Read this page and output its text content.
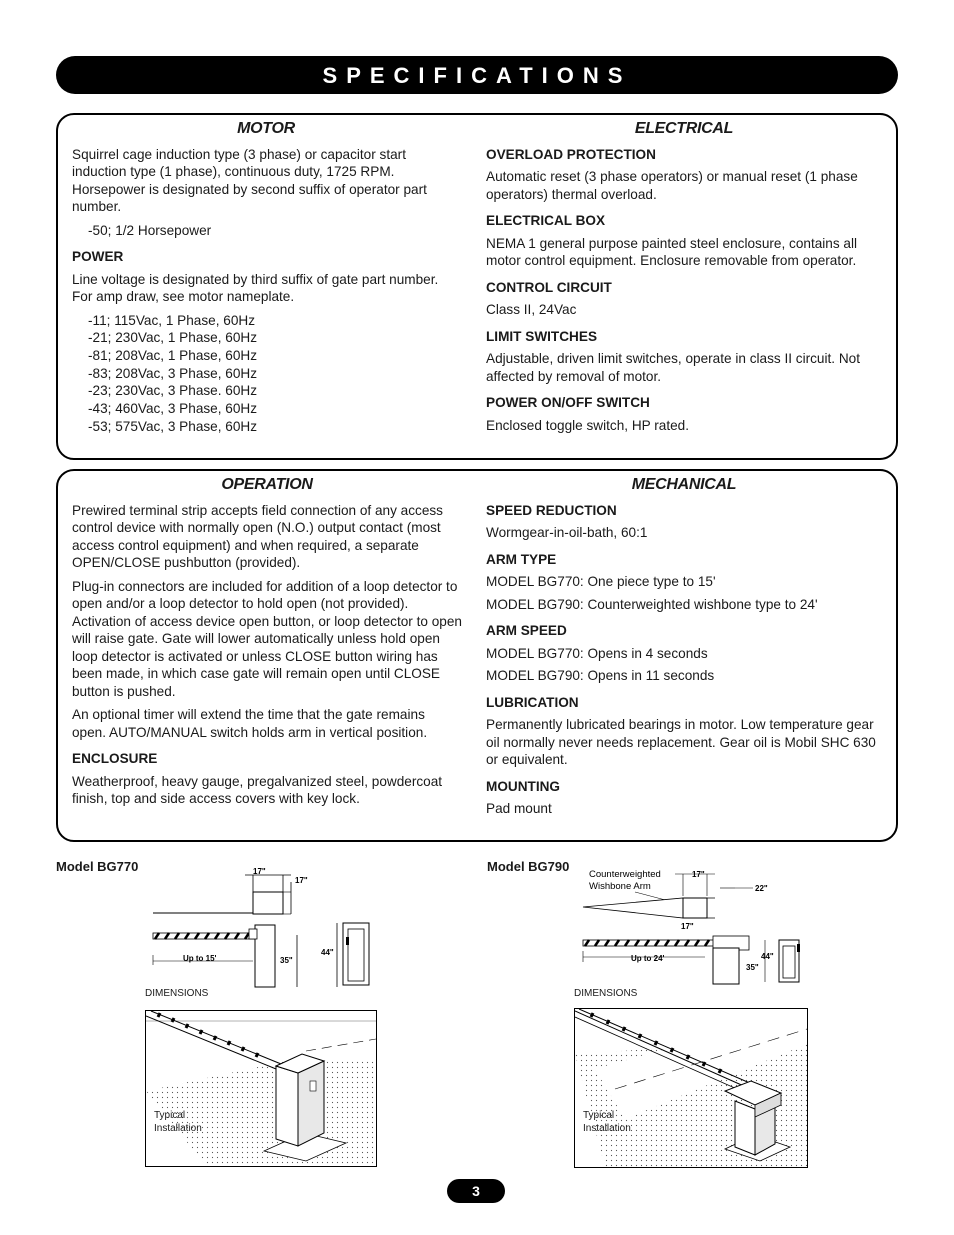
SPECIFICATIONS
MOTOR

Squirrel cage induction type (3 phase) or capacitor start induction type (1 phase), continuous duty, 1725 RPM. Horsepower is designated by second suffix of operator part number.

-50; 1/2 Horsepower

POWER

Line voltage is designated by third suffix of gate part number. For amp draw, see motor nameplate.

-11; 115Vac, 1 Phase, 60Hz
-21; 230Vac, 1 Phase, 60Hz
-81; 208Vac, 1 Phase, 60Hz
-83; 208Vac, 3 Phase, 60Hz
-23; 230Vac, 3 Phase. 60Hz
-43; 460Vac, 3 Phase, 60Hz
-53; 575Vac, 3 Phase, 60Hz
ELECTRICAL
OVERLOAD PROTECTION

Automatic reset (3 phase operators) or manual reset (1 phase operators) thermal overload.

ELECTRICAL BOX

NEMA 1 general purpose painted steel enclosure, contains all motor control equipment. Enclosure removable from operator.

CONTROL CIRCUIT

Class II, 24Vac

LIMIT SWITCHES

Adjustable, driven limit switches, operate in class II circuit. Not affected by removal of motor.

POWER ON/OFF SWITCH

Enclosed toggle switch, HP rated.

OPERATION

Prewired terminal strip accepts field connection of any access control device with normally open (N.O.) output contact (most access control equipment) and when required, a separate OPEN/CLOSE pushbutton (provided).

Plug-in connectors are included for addition of a loop detector to open and/or a loop detector to hold open (not provided). Activation of access device open button, or loop detector to open will raise gate. Gate will lower automatically unless hold open loop detector is activated or unless CLOSE button wiring has been made, in which case gate will remain open until CLOSE button is pushed.

An optional timer will extend the time that the gate remains open. AUTO/MANUAL switch holds arm in vertical position.

ENCLOSURE

Weatherproof, heavy gauge, pregalvanized steel, powdercoat finish, top and side access covers with key lock.

MECHANICAL
SPEED REDUCTION

Wormgear-in-oil-bath, 60:1

ARM TYPE

MODEL BG770: One piece type to 15'

MODEL BG790: Counterweighted wishbone type to 24'

ARM SPEED

MODEL BG770: Opens in 4 seconds

MODEL BG790: Opens in 11 seconds

LUBRICATION

Permanently lubricated bearings in motor. Low temperature gear oil normally never needs replacement. Gear oil is Mobil SHC 630 or equivalent.

MOUNTING

Pad mount

Model BG770	17"
17"
Up to 15'	35"
44"
DIMENSIONS
Typical
Installation
Model BG790
Counterweighted
Wishbone Arm
17"
22"
17"
Up to 24'	44"
35"
DIMENSIONS
Typical
Installation
3
